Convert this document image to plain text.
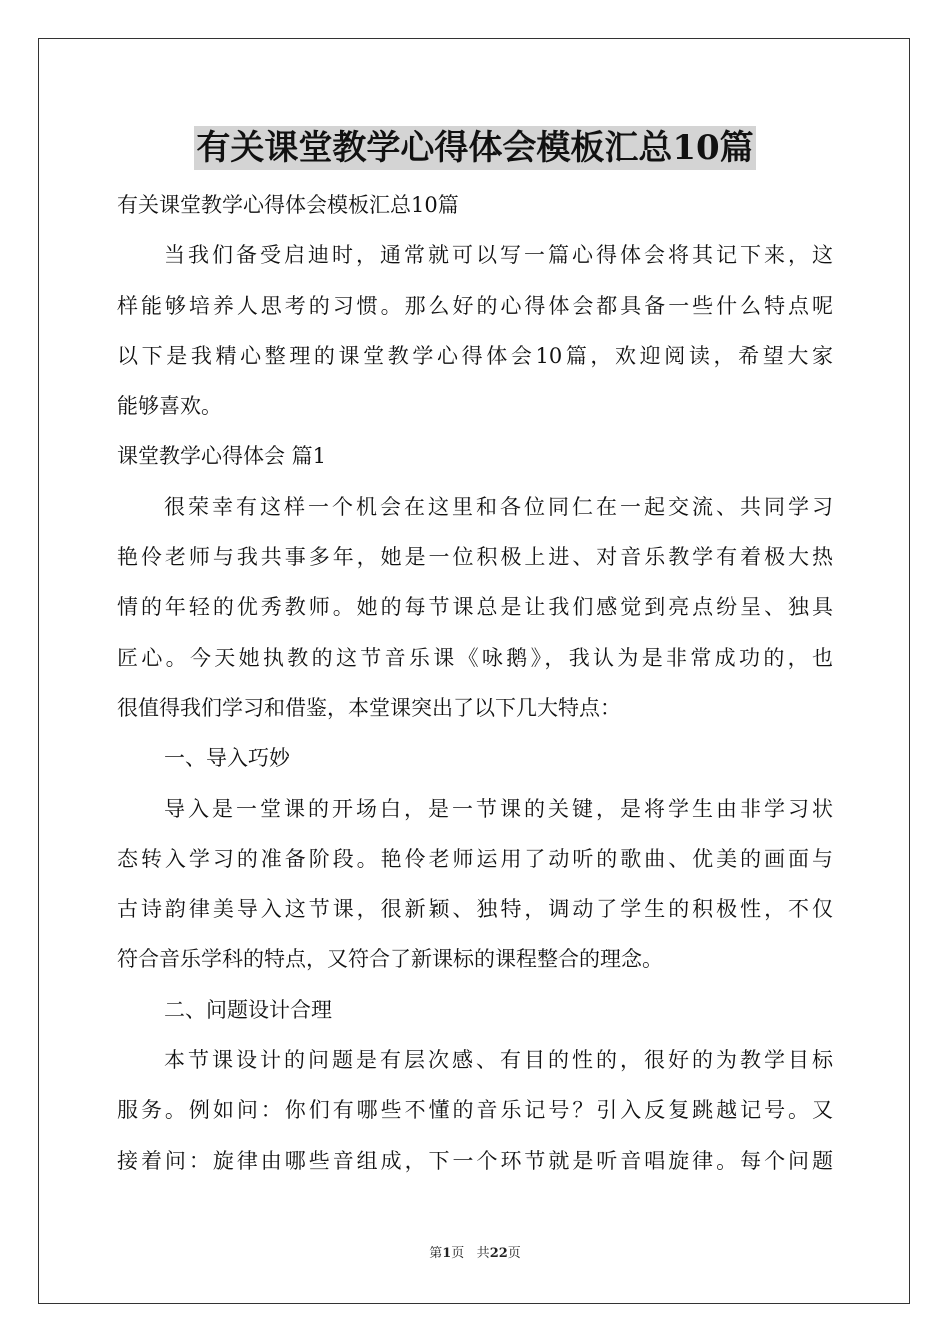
有关课堂教学心得体会模板汇总10篇
有关课堂教学心得体会模板汇总10篇
当我们备受启迪时，通常就可以写一篇心得体会将其记下来，这
样能够培养人思考的习惯。那么好的心得体会都具备一些什么特点呢
以下是我精心整理的课堂教学心得体会10篇，欢迎阅读，希望大家
能够喜欢。
课堂教学心得体会 篇1
很荣幸有这样一个机会在这里和各位同仁在一起交流、共同学习
艳伶老师与我共事多年，她是一位积极上进、对音乐教学有着极大热
情的年轻的优秀教师。她的每节课总是让我们感觉到亮点纷呈、独具
匠心。今天她执教的这节音乐课《咏鹅》，我认为是非常成功的，也
很值得我们学习和借鉴，本堂课突出了以下几大特点：
一、导入巧妙
导入是一堂课的开场白，是一节课的关键，是将学生由非学习状
态转入学习的准备阶段。艳伶老师运用了动听的歌曲、优美的画面与
古诗韵律美导入这节课，很新颖、独特，调动了学生的积极性，不仅
符合音乐学科的特点，又符合了新课标的课程整合的理念。
二、问题设计合理
本节课设计的问题是有层次感、有目的性的，很好的为教学目标
服务。例如问：你们有哪些不懂的音乐记号？引入反复跳越记号。又
接着问：旋律由哪些音组成，下一个环节就是听音唱旋律。每个问题
第1页 共22页
